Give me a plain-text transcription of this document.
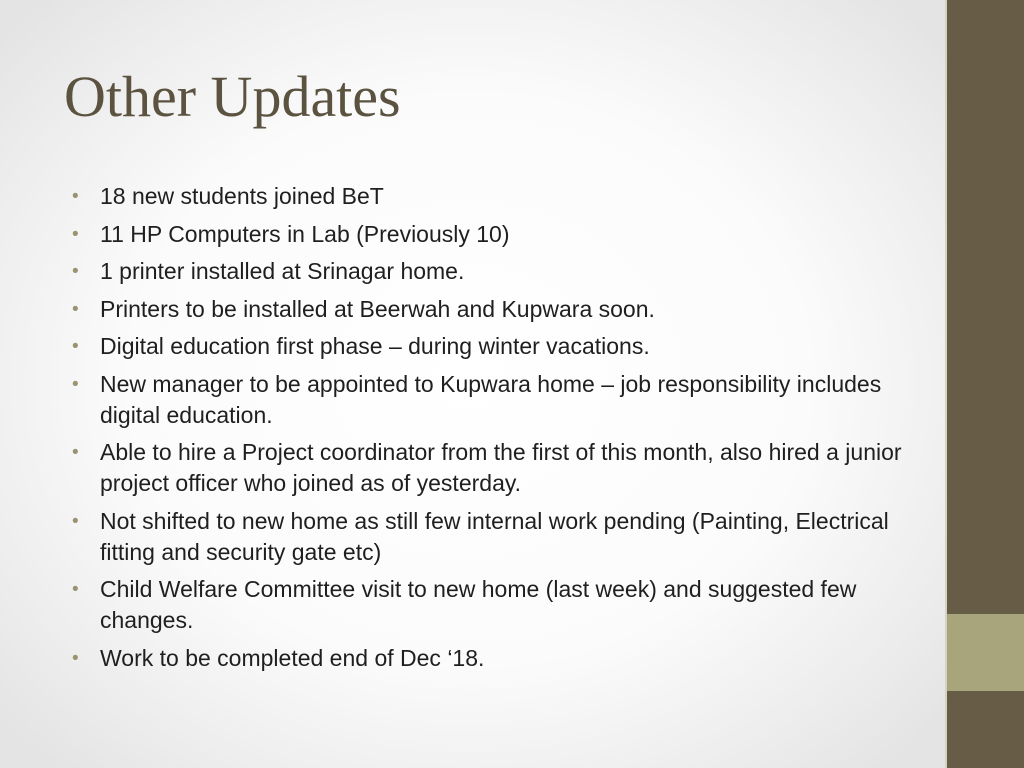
Other Updates
• 18 new students joined BeT
• 11 HP Computers in Lab (Previously 10)
• 1 printer installed at Srinagar home.
• Printers to be installed at Beerwah and Kupwara soon.
• Digital education first phase – during winter vacations.
• New manager to be appointed to Kupwara home – job responsibility includes digital education.
• Able to hire a Project coordinator from the first of this month, also hired a junior project officer who joined as of yesterday.
• Not shifted to new home as still few internal work pending (Painting, Electrical fitting and security gate etc)
• Child Welfare Committee visit to new home (last week) and suggested few changes.
• Work to be completed end of Dec ‘18.
